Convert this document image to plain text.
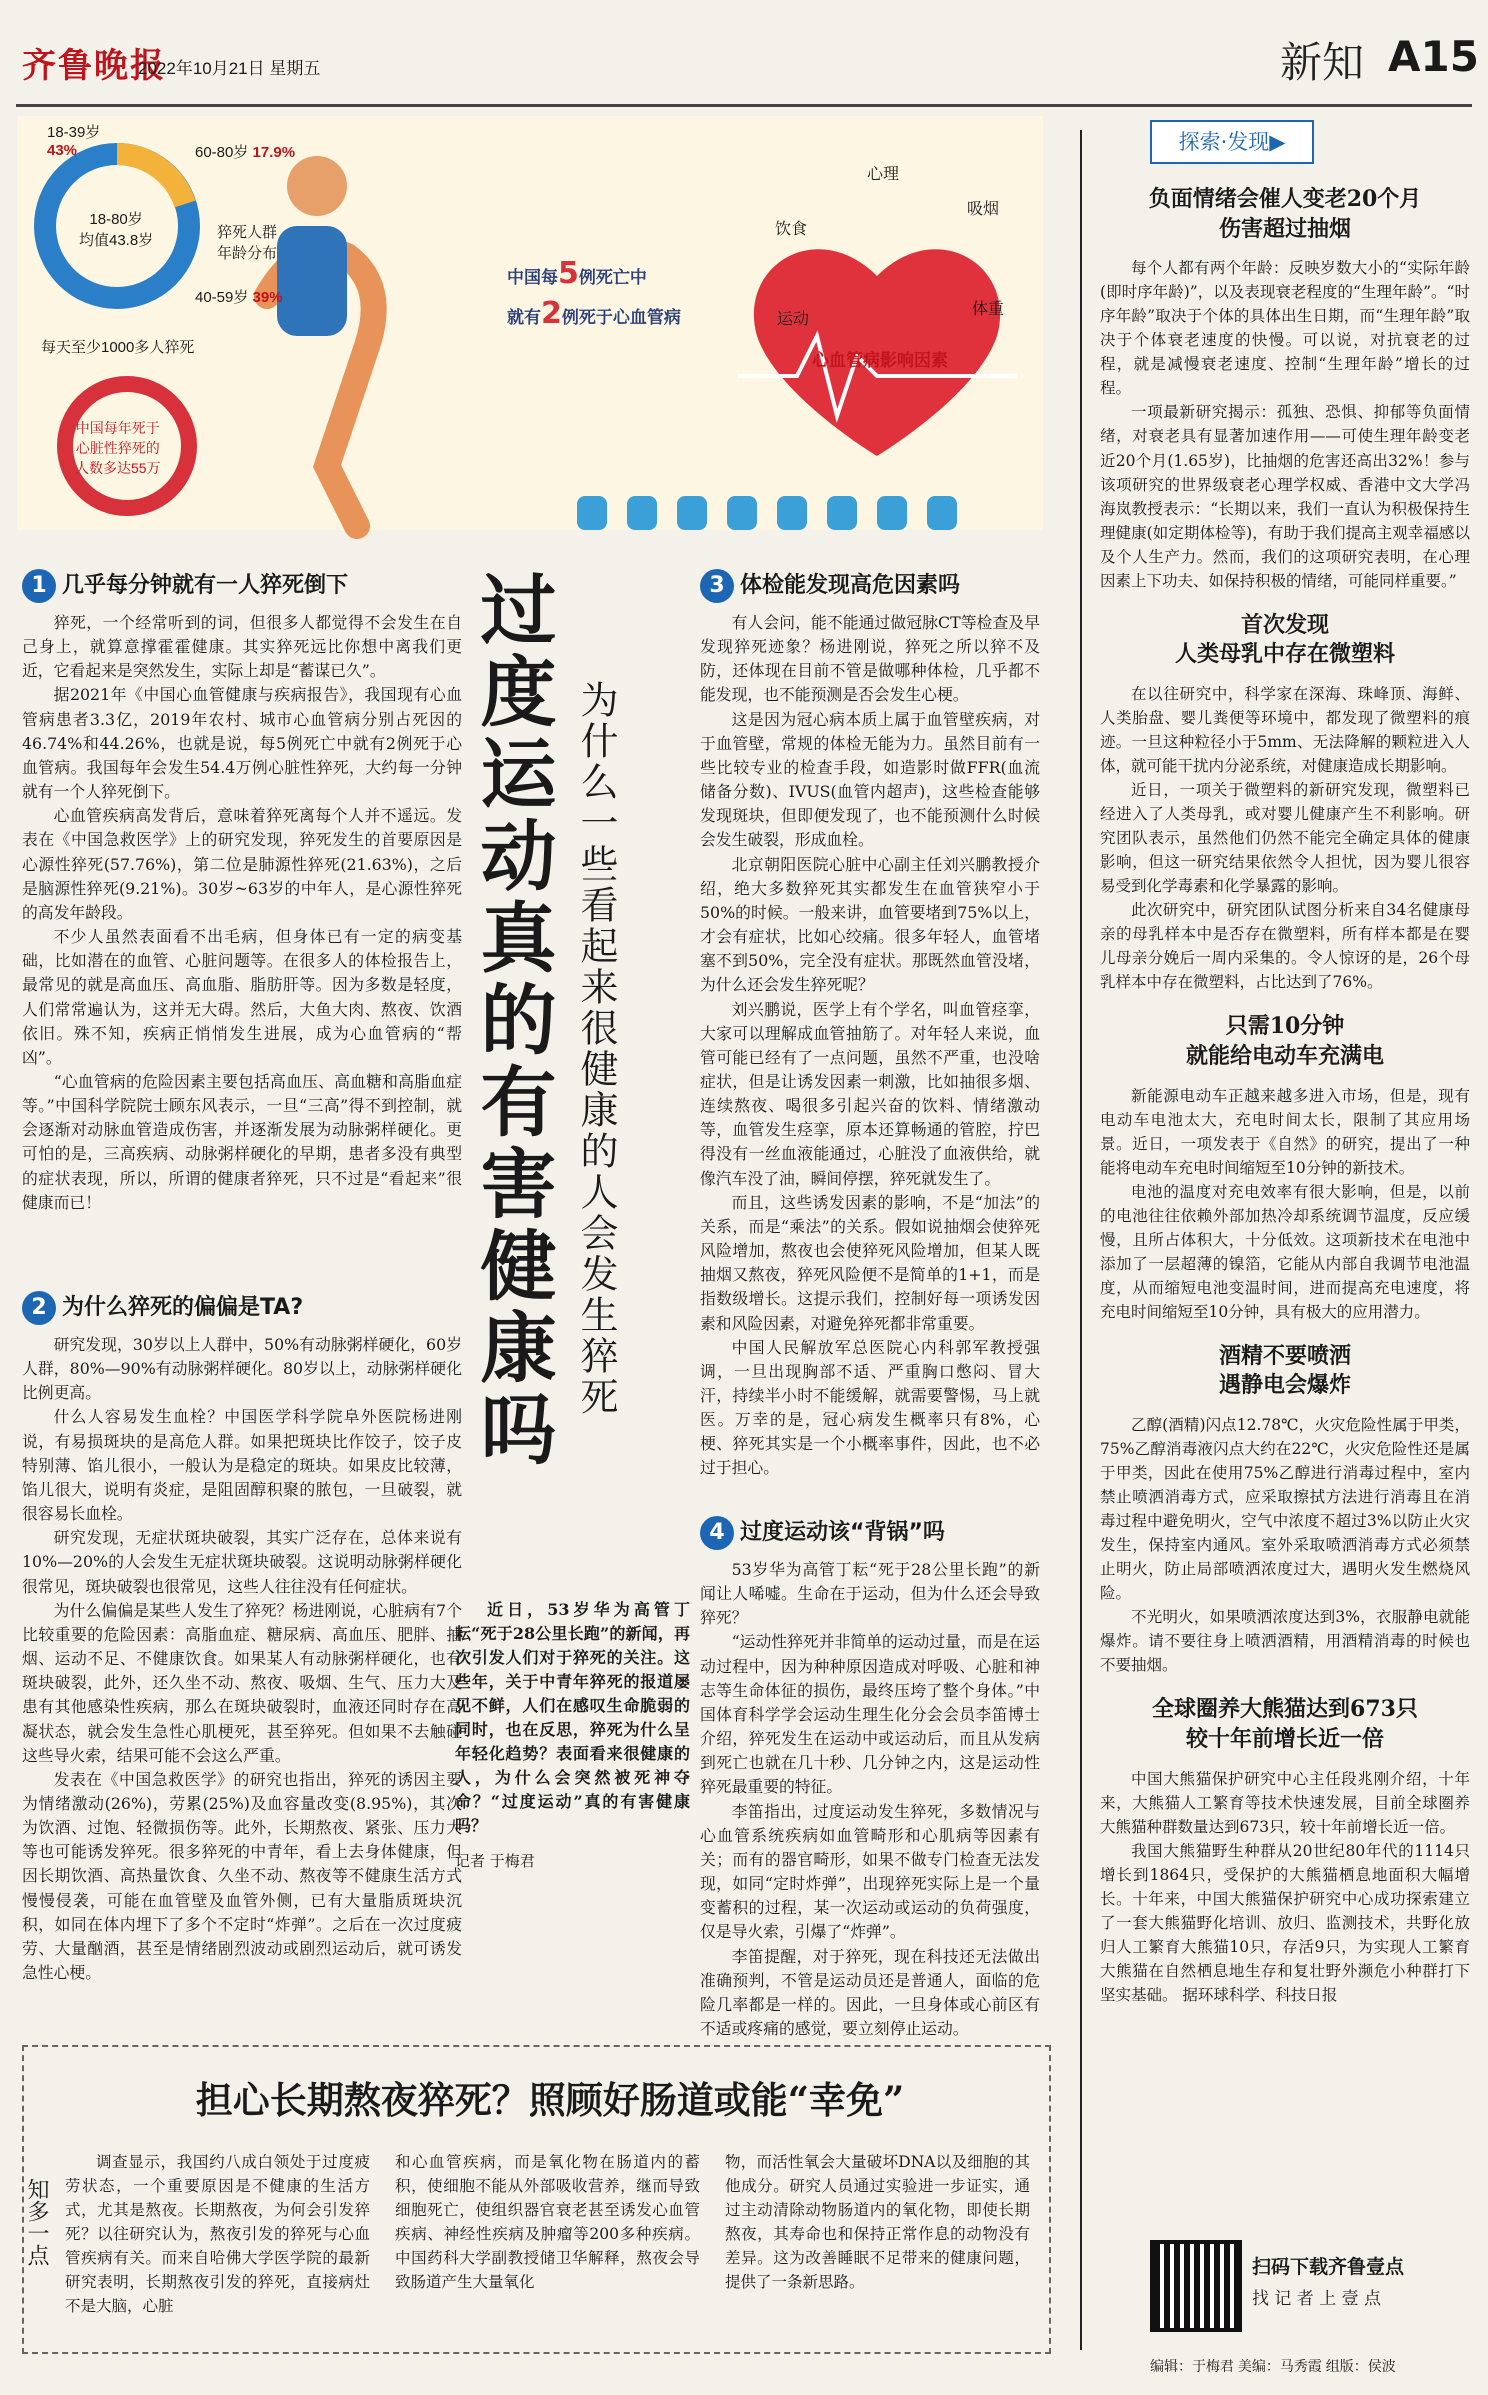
齐鲁晚报
2022年10月21日 星期五	新知 A15
18-39岁
43%	60-80岁 17.9%
40-59岁 39%
18-80岁
均值43.8岁	猝死人群
年龄分布
每天至少1000多人猝死
中国每年死于
心脏性猝死的
人数多达55万
中国每5例死亡中
就有2例死于心血管病
心理
饮食
吸烟
运动
体重
心血管病影响因素
过度运动真的有害健康吗 为什么一些看起来很健康的人会发生猝死

近日，53岁华为高管丁耘“死于28公里长跑”的新闻，再次引发人们对于猝死的关注。这些年，关于中青年猝死的报道屡见不鲜，人们在感叹生命脆弱的同时，也在反思，猝死为什么呈年轻化趋势？表面看来很健康的人，为什么会突然被死神夺命？“过度运动”真的有害健康吗？

记者 于梅君

1 几乎每分钟就有一人猝死倒下

猝死，一个经常听到的词，但很多人都觉得不会发生在自己身上，就算意撑霍霍健康。其实猝死远比你想中离我们更近，它看起来是突然发生，实际上却是“蓄谋已久”。

据2021年《中国心血管健康与疾病报告》，我国现有心血管病患者3.3亿，2019年农村、城市心血管病分别占死因的46.74%和44.26%，也就是说，每5例死亡中就有2例死于心血管病。我国每年会发生54.4万例心脏性猝死，大约每一分钟就有一个人猝死倒下。

心血管疾病高发背后，意味着猝死离每个人并不遥远。发表在《中国急救医学》上的研究发现，猝死发生的首要原因是心源性猝死(57.76%)，第二位是肺源性猝死(21.63%)，之后是脑源性猝死(9.21%)。30岁~63岁的中年人，是心源性猝死的高发年龄段。

不少人虽然表面看不出毛病，但身体已有一定的病变基础，比如潜在的血管、心脏问题等。在很多人的体检报告上，最常见的就是高血压、高血脂、脂肪肝等。因为多数是轻度，人们常常遍认为，这并无大碍。然后，大鱼大肉、熬夜、饮酒依旧。殊不知，疾病正悄悄发生进展，成为心血管病的“帮凶”。

“心血管病的危险因素主要包括高血压、高血糖和高脂血症等。”中国科学院院士顾东风表示，一旦“三高”得不到控制，就会逐渐对动脉血管造成伤害，并逐渐发展为动脉粥样硬化。更可怕的是，三高疾病、动脉粥样硬化的早期，患者多没有典型的症状表现，所以，所谓的健康者猝死，只不过是“看起来”很健康而已！

2 为什么猝死的偏偏是TA?

研究发现，30岁以上人群中，50%有动脉粥样硬化，60岁人群，80%—90%有动脉粥样硬化。80岁以上，动脉粥样硬化比例更高。

什么人容易发生血栓？中国医学科学院阜外医院杨进刚说，有易损斑块的是高危人群。如果把斑块比作饺子，饺子皮特别薄、馅儿很小，一般认为是稳定的斑块。如果皮比较薄，馅儿很大，说明有炎症，是阻固醇积聚的脓包，一旦破裂，就很容易长血栓。

研究发现，无症状斑块破裂，其实广泛存在，总体来说有10%—20%的人会发生无症状斑块破裂。这说明动脉粥样硬化很常见，斑块破裂也很常见，这些人往往没有任何症状。

为什么偏偏是某些人发生了猝死？杨进刚说，心脏病有7个比较重要的危险因素：高脂血症、糖尿病、高血压、肥胖、抽烟、运动不足、不健康饮食。如果某人有动脉粥样硬化，也有斑块破裂，此外，还久坐不动、熬夜、吸烟、生气、压力大及患有其他感染性疾病，那么在斑块破裂时，血液还同时存在高凝状态，就会发生急性心肌梗死，甚至猝死。但如果不去触碰这些导火索，结果可能不会这么严重。

发表在《中国急救医学》的研究也指出，猝死的诱因主要为情绪激动(26%)，劳累(25%)及血容量改变(8.95%)，其次为饮酒、过饱、轻微损伤等。此外，长期熬夜、紧张、压力大等也可能诱发猝死。很多猝死的中青年，看上去身体健康，但因长期饮酒、高热量饮食、久坐不动、熬夜等不健康生活方式慢慢侵袭，可能在血管壁及血管外侧，已有大量脂质斑块沉积，如同在体内埋下了多个不定时“炸弹”。之后在一次过度疲劳、大量酗酒，甚至是情绪剧烈波动或剧烈运动后，就可诱发急性心梗。

3 体检能发现高危因素吗

有人会问，能不能通过做冠脉CT等检查及早发现猝死迹象？杨进刚说，猝死之所以猝不及防，还体现在目前不管是做哪种体检，几乎都不能发现，也不能预测是否会发生心梗。

这是因为冠心病本质上属于血管壁疾病，对于血管壁，常规的体检无能为力。虽然目前有一些比较专业的检查手段，如造影时做FFR(血流储备分数)、IVUS(血管内超声)，这些检查能够发现斑块，但即便发现了，也不能预测什么时候会发生破裂，形成血栓。

北京朝阳医院心脏中心副主任刘兴鹏教授介绍，绝大多数猝死其实都发生在血管狭窄小于50%的时候。一般来讲，血管要堵到75%以上，才会有症状，比如心绞痛。很多年轻人，血管堵塞不到50%，完全没有症状。那既然血管没堵，为什么还会发生猝死呢？

刘兴鹏说，医学上有个学名，叫血管痉挛，大家可以理解成血管抽筋了。对年轻人来说，血管可能已经有了一点问题，虽然不严重，也没啥症状，但是让诱发因素一刺激，比如抽很多烟、连续熬夜、喝很多引起兴奋的饮料、情绪激动等，血管发生痉挛，原本还算畅通的管腔，拧巴得没有一丝血液能通过，心脏没了血液供给，就像汽车没了油，瞬间停摆，猝死就发生了。

而且，这些诱发因素的影响，不是“加法”的关系，而是“乘法”的关系。假如说抽烟会使猝死风险增加，熬夜也会使猝死风险增加，但某人既抽烟又熬夜，猝死风险便不是简单的1+1，而是指数级增长。这提示我们，控制好每一项诱发因素和风险因素，对避免猝死都非常重要。

中国人民解放军总医院心内科郭军教授强调，一旦出现胸部不适、严重胸口憋闷、冒大汗，持续半小时不能缓解，就需要警惕，马上就医。万幸的是，冠心病发生概率只有8%，心梗、猝死其实是一个小概率事件，因此，也不必过于担心。

4 过度运动该“背锅”吗

53岁华为高管丁耘“死于28公里长跑”的新闻让人唏嘘。生命在于运动，但为什么还会导致猝死？

“运动性猝死并非简单的运动过量，而是在运动过程中，因为种种原因造成对呼吸、心脏和神志等生命体征的损伤，最终压垮了整个身体。”中国体育科学学会运动生理生化分会会员李笛博士介绍，猝死发生在运动中或运动后，而且从发病到死亡也就在几十秒、几分钟之内，这是运动性猝死最重要的特征。

李笛指出，过度运动发生猝死，多数情况与心血管系统疾病如血管畸形和心肌病等因素有关；而有的器官畸形，如果不做专门检查无法发现，如同“定时炸弹”，出现猝死实际上是一个量变蓄积的过程，某一次运动或运动的负荷强度，仅是导火索，引爆了“炸弹”。

李笛提醒，对于猝死，现在科技还无法做出准确预判，不管是运动员还是普通人，面临的危险几率都是一样的。因此，一旦身体或心前区有不适或疼痛的感觉，要立刻停止运动。

探索·发现▶
负面情绪会催人变老20个月
伤害超过抽烟

每个人都有两个年龄：反映岁数大小的“实际年龄(即时序年龄)”，以及表现衰老程度的“生理年龄”。“时序年龄”取决于个体的具体出生日期，而“生理年龄”取决于个体衰老速度的快慢。可以说，对抗衰老的过程，就是减慢衰老速度、控制“生理年龄”增长的过程。

一项最新研究揭示：孤独、恐惧、抑郁等负面情绪，对衰老具有显著加速作用——可使生理年龄变老近20个月(1.65岁)，比抽烟的危害还高出32%！参与该项研究的世界级衰老心理学权威、香港中文大学冯海岚教授表示：“长期以来，我们一直认为积极保持生理健康(如定期体检等)，有助于我们提高主观幸福感以及个人生产力。然而，我们的这项研究表明，在心理因素上下功夫、如保持积极的情绪，可能同样重要。”

首次发现
人类母乳中存在微塑料

在以往研究中，科学家在深海、珠峰顶、海鲜、人类胎盘、婴儿粪便等环境中，都发现了微塑料的痕迹。一旦这种粒径小于5mm、无法降解的颗粒进入人体，就可能干扰内分泌系统，对健康造成长期影响。

近日，一项关于微塑料的新研究发现，微塑料已经进入了人类母乳，或对婴儿健康产生不利影响。研究团队表示，虽然他们仍然不能完全确定具体的健康影响，但这一研究结果依然令人担忧，因为婴儿很容易受到化学毒素和化学暴露的影响。

此次研究中，研究团队试图分析来自34名健康母亲的母乳样本中是否存在微塑料，所有样本都是在婴儿母亲分娩后一周内采集的。令人惊讶的是，26个母乳样本中存在微塑料，占比达到了76%。

只需10分钟
就能给电动车充满电

新能源电动车正越来越多进入市场，但是，现有电动车电池太大，充电时间太长，限制了其应用场景。近日，一项发表于《自然》的研究，提出了一种能将电动车充电时间缩短至10分钟的新技术。

电池的温度对充电效率有很大影响，但是，以前的电池往往依赖外部加热冷却系统调节温度，反应缓慢，且所占体积大，十分低效。这项新技术在电池中添加了一层超薄的镍箔，它能从内部自我调节电池温度，从而缩短电池变温时间，进而提高充电速度，将充电时间缩短至10分钟，具有极大的应用潜力。

酒精不要喷洒
遇静电会爆炸

乙醇(酒精)闪点12.78℃，火灾危险性属于甲类，75%乙醇消毒液闪点大约在22℃，火灾危险性还是属于甲类，因此在使用75%乙醇进行消毒过程中，室内禁止喷洒消毒方式，应采取擦拭方法进行消毒且在消毒过程中避免明火，空气中浓度不超过3%以防止火灾发生，保持室内通风。室外采取喷洒消毒方式必须禁止明火，防止局部喷洒浓度过大，遇明火发生燃烧风险。

不光明火，如果喷洒浓度达到3%，衣服静电就能爆炸。请不要往身上喷洒酒精，用酒精消毒的时候也不要抽烟。

全球圈养大熊猫达到673只
较十年前增长近一倍

中国大熊猫保护研究中心主任段兆刚介绍，十年来，大熊猫人工繁育等技术快速发展，目前全球圈养大熊猫种群数量达到673只，较十年前增长近一倍。

我国大熊猫野生种群从20世纪80年代的1114只增长到1864只，受保护的大熊猫栖息地面积大幅增长。十年来，中国大熊猫保护研究中心成功探索建立了一套大熊猫野化培训、放归、监测技术，共野化放归人工繁育大熊猫10只，存活9只，为实现人工繁育大熊猫在自然栖息地生存和复壮野外濒危小种群打下坚实基础。 据环球科学、科技日报

扫码下载齐鲁壹点
找 记 者 上 壹 点
编辑：于梅君 美编：马秀霞 组版：侯波
知多一点
担心长期熬夜猝死？照顾好肠道或能“幸免”

调查显示，我国约八成白领处于过度疲劳状态，一个重要原因是不健康的生活方式，尤其是熬夜。长期熬夜，为何会引发猝死？以往研究认为，熬夜引发的猝死与心血管疾病有关。而来自哈佛大学医学院的最新研究表明，长期熬夜引发的猝死，直接病灶不是大脑，心脏

和心血管疾病，而是氧化物在肠道内的蓄积，使细胞不能从外部吸收营养，继而导致细胞死亡，使组织器官衰老甚至诱发心血管疾病、神经性疾病及肿瘤等200多种疾病。 中国药科大学副教授储卫华解释，熬夜会导致肠道产生大量氧化

物，而活性氧会大量破坏DNA以及细胞的其他成分。研究人员通过实验进一步证实，通过主动清除动物肠道内的氧化物，即使长期熬夜，其寿命也和保持正常作息的动物没有差异。这为改善睡眠不足带来的健康问题，提供了一条新思路。
